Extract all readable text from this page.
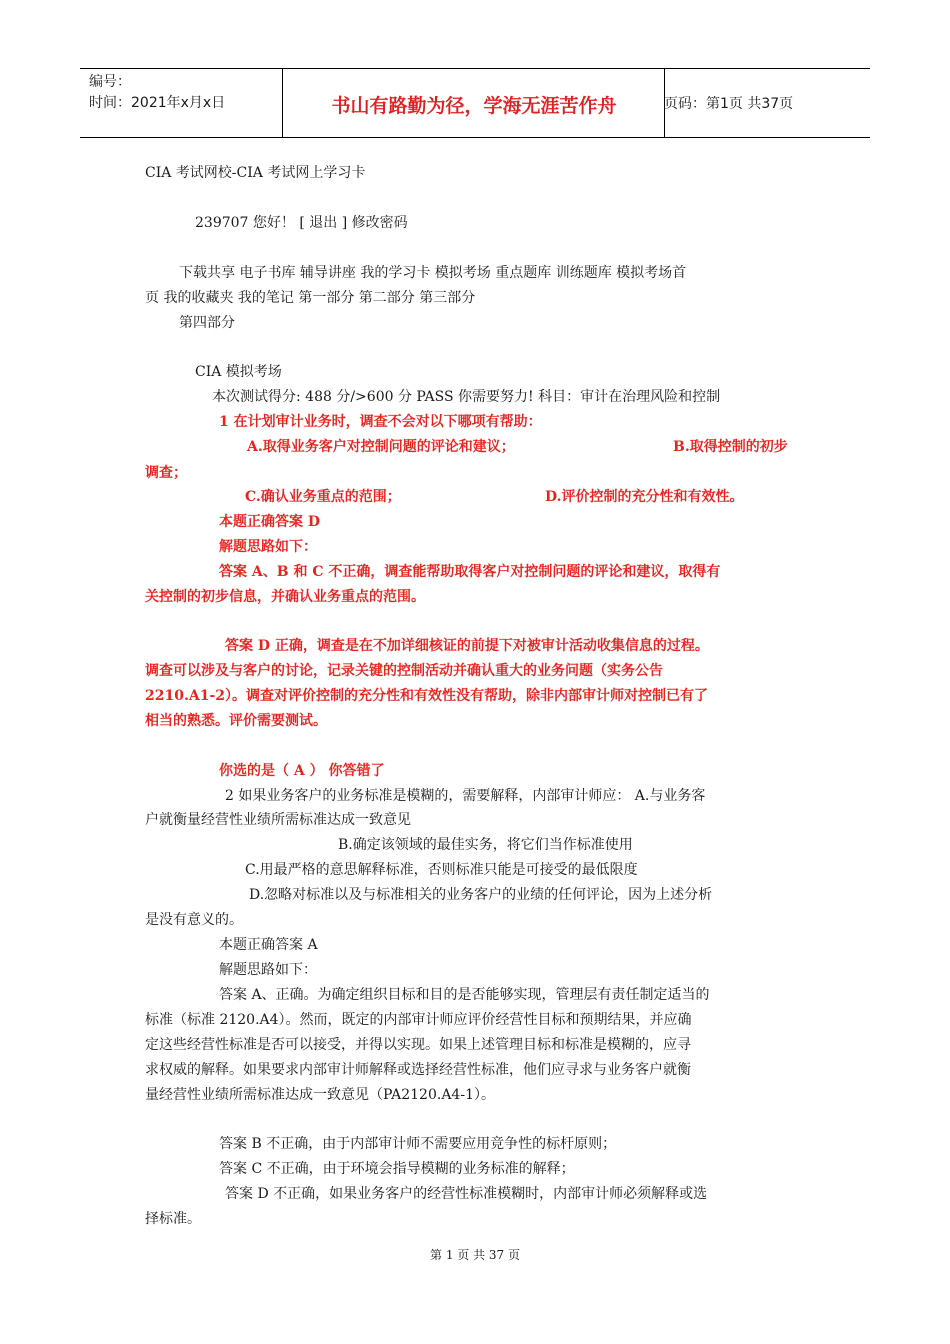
编号：
时间：2021年x月x日	书山有路勤为径，学海无涯苦作舟	页码：第1页 共37页
CIA 考试网校-CIA 考试网上学习卡
239707 您好！ [ 退出 ] 修改密码
下载共享 电子书库 辅导讲座 我的学习卡 模拟考场 重点题库 训练题库 模拟考场首
页 我的收藏夹 我的笔记 第一部分 第二部分 第三部分
第四部分
CIA 模拟考场
本次测试得分: 488 分/>600 分 PASS 你需要努力! 科目：审计在治理风险和控制
1 在计划审计业务时，调查不会对以下哪项有帮助：
A.取得业务客户对控制问题的评论和建议；	B.取得控制的初步
调查；
C.确认业务重点的范围；	D.评价控制的充分性和有效性。
本题正确答案 D
解题思路如下：
答案 A、B 和 C 不正确，调查能帮助取得客户对控制问题的评论和建议，取得有
关控制的初步信息，并确认业务重点的范围。
答案 D 正确，调查是在不加详细核证的前提下对被审计活动收集信息的过程。
调查可以涉及与客户的讨论，记录关键的控制活动并确认重大的业务问题（实务公告
2210.A1-2）。调查对评价控制的充分性和有效性没有帮助，除非内部审计师对控制已有了
相当的熟悉。评价需要测试。
你选的是（ A ） 你答错了
2 如果业务客户的业务标准是模糊的，需要解释，内部审计师应： A.与业务客
户就衡量经营性业绩所需标准达成一致意见
B.确定该领域的最佳实务，将它们当作标准使用
C.用最严格的意思解释标准，否则标准只能是可接受的最低限度
D.忽略对标准以及与标准相关的业务客户的业绩的任何评论，因为上述分析
是没有意义的。
本题正确答案 A
解题思路如下：
答案 A、正确。为确定组织目标和目的是否能够实现，管理层有责任制定适当的
标准（标准 2120.A4）。然而，既定的内部审计师应评价经营性目标和预期结果，并应确
定这些经营性标准是否可以接受，并得以实现。如果上述管理目标和标准是模糊的，应寻
求权威的解释。如果要求内部审计师解释或选择经营性标准，他们应寻求与业务客户就衡
量经营性业绩所需标准达成一致意见（PA2120.A4-1）。
答案 B 不正确，由于内部审计师不需要应用竞争性的标杆原则；
答案 C 不正确，由于环境会指导模糊的业务标准的解释；
答案 D 不正确，如果业务客户的经营性标准模糊时，内部审计师必须解释或选
择标准。
第 1 页 共 37 页
